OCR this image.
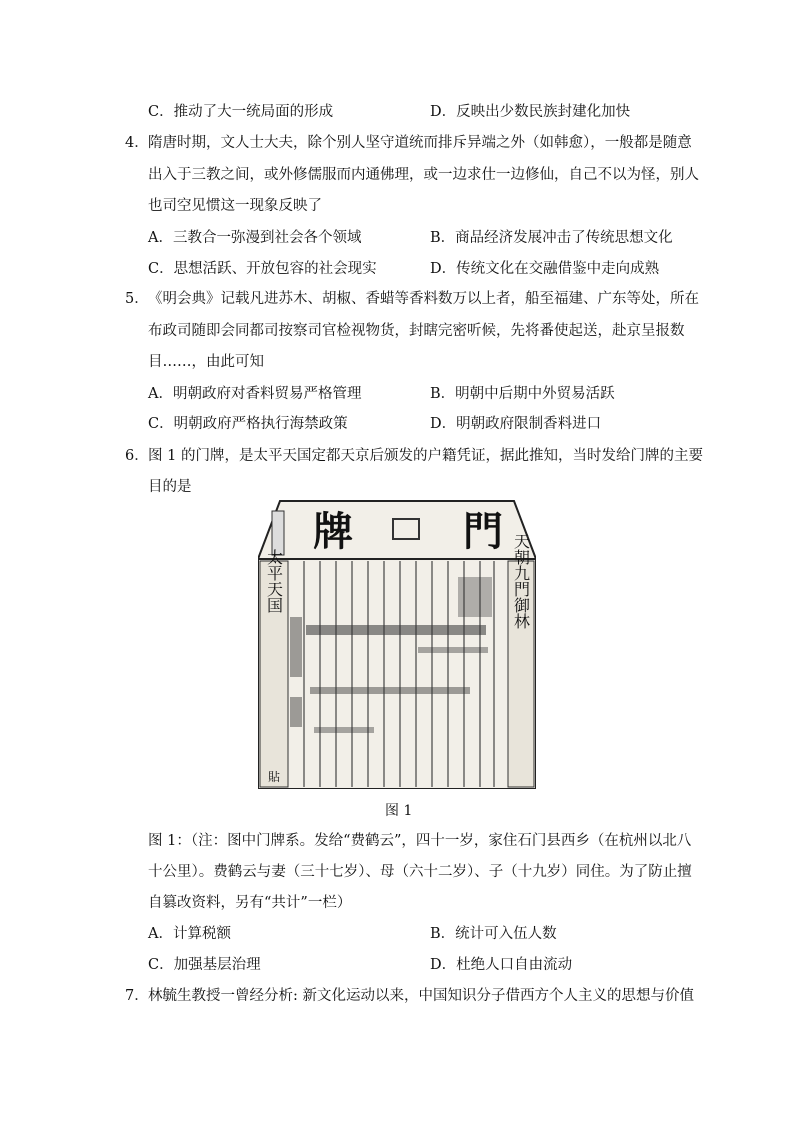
C．推动了大一统局面的形成	D．反映出少数民族封建化加快
4． 隋唐时期，文人士大夫，除个别人坚守道统而排斥异端之外（如韩愈），一般都是随意
出入于三教之间，或外修儒服而内通佛理，或一边求仕一边修仙，自己不以为怪，别人
也司空见惯这一现象反映了
A．三教合一弥漫到社会各个领域	B．商品经济发展冲击了传统思想文化
C．思想活跃、开放包容的社会现实	D．传统文化在交融借鉴中走向成熟
5． 《明会典》记载凡进苏木、胡椒、香蜡等香料数万以上者，船至福建、广东等处，所在
布政司随即会同都司按察司官检视物货，封瞎完密听候，先将番使起送，赴京呈报数
目……，由此可知
A．明朝政府对香料贸易严格管理	B．明朝中后期中外贸易活跃
C．明朝政府严格执行海禁政策	D．明朝政府限制香料进口
6． 图 1 的门牌，是太平天国定都天京后颁发的户籍凭证，据此推知，当时发给门牌的主要
目的是
牌	門
太平天国	天朝九門御林
貼
图 1
图 1：（注：图中门牌系。发给“费鹤云”，四十一岁，家住石门县西乡（在杭州以北八
十公里）。费鹤云与妻（三十七岁）、母（六十二岁）、子（十九岁）同住。为了防止擅
自篡改资料，另有“共计”一栏）
A．计算税额	B．统计可入伍人数
C．加强基层治理	D．杜绝人口自由流动
7． 林毓生教授一曾经分析: 新文化运动以来，中国知识分子借西方个人主义的思想与价值
